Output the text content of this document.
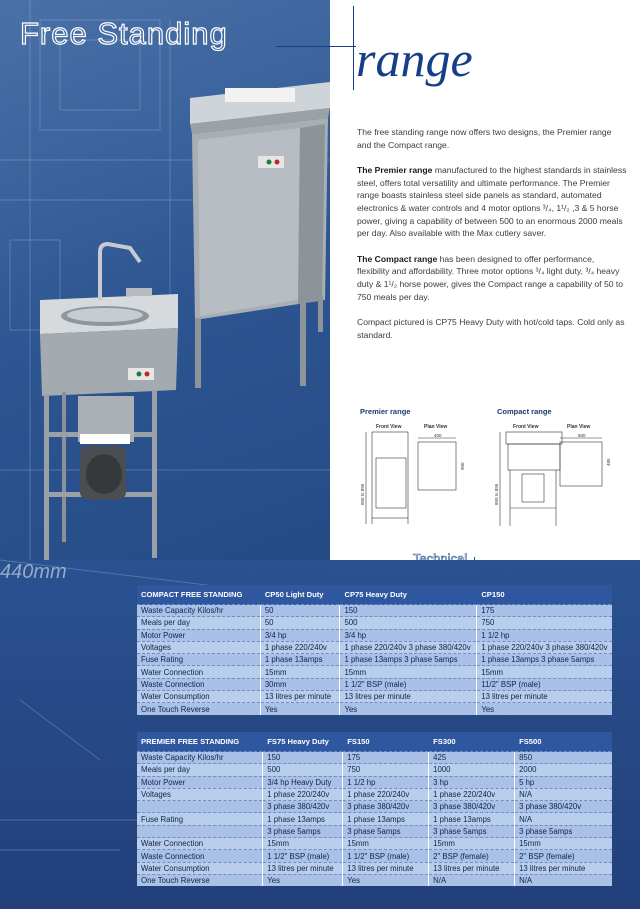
Free Standing	range
440mm

The free standing range now offers two designs, the Premier range and the Compact range.

The Premier range manufactured to the highest standards in stainless steel, offers total versatility and ultimate performance. The Premier range boasts stainless steel side panels as standard, automated electronics & water controls and 4 motor options ³/₄, 1¹/₂ ,3 & 5 horse power, giving a capability of between 500 to an enormous 2000 meals per day. Also available with the Max cutlery saver.

The Compact range has been designed to offer performance, flexibility and affordability. Three motor options ³/₄ light duty, ³/₄ heavy duty & 1¹/₂ horse power, gives the Compact range a capability of 50 to 750 meals per day.

Compact pictured is CP75 Heavy Duty with hot/cold taps. Cold only as standard.

Premier range	Compact range
Front View	Plan View	Front View	Plan View
850 to 895
400
900
850 to 895
500
485
Technical
details
COMPACT FREE STANDING	CP50 Light Duty	CP75 Heavy Duty	CP150
Waste Capacity Kilos/hr	50	150	175
Meals per day	50	500	750
Motor Power	3/4 hp	3/4 hp	1 1/2 hp
Voltages	1 phase 220/240v	1 phase 220/240v 3 phase 380/420v	1 phase 220/240v 3 phase 380/420v
Fuse Rating	1 phase 13amps	1 phase 13amps 3 phase 5amps	1 phase 13amps 3 phase 5amps
Water Connection	15mm	15mm	15mm
Waste Connection	30mm	1 1/2" BSP (male)	11/2" BSP (male)
Water Consumption	13 litres per minute	13 litres per minute	13 litres per minute
One Touch Reverse	Yes	Yes	Yes
PREMIER FREE STANDING	FS75 Heavy Duty	FS150	FS300	FS500
Waste Capacity Kilos/hr	150	175	425	850
Meals per day	500	750	1000	2000
Motor Power	3/4 hp Heavy Duty	1 1/2 hp	3 hp	5 hp
Voltages	1 phase 220/240v	1 phase 220/240v	1 phase 220/240v	N/A
	3 phase 380/420v	3 phase 380/420v	3 phase 380/420v	3 phase 380/420v
Fuse Rating	1 phase 13amps	1 phase 13amps	1 phase 13amps	N/A
	3 phase 5amps	3 phase 5amps	3 phase 5amps	3 phase 5amps
Water Connection	15mm	15mm	15mm	15mm
Waste Connection	1 1/2" BSP (male)	1 1/2" BSP (male)	2" BSP (female)	2" BSP (female)
Water Consumption	13 litres per minute	13 litres per minute	13 litres per minute	13 litres per minute
One Touch Reverse	Yes	Yes	N/A	N/A
